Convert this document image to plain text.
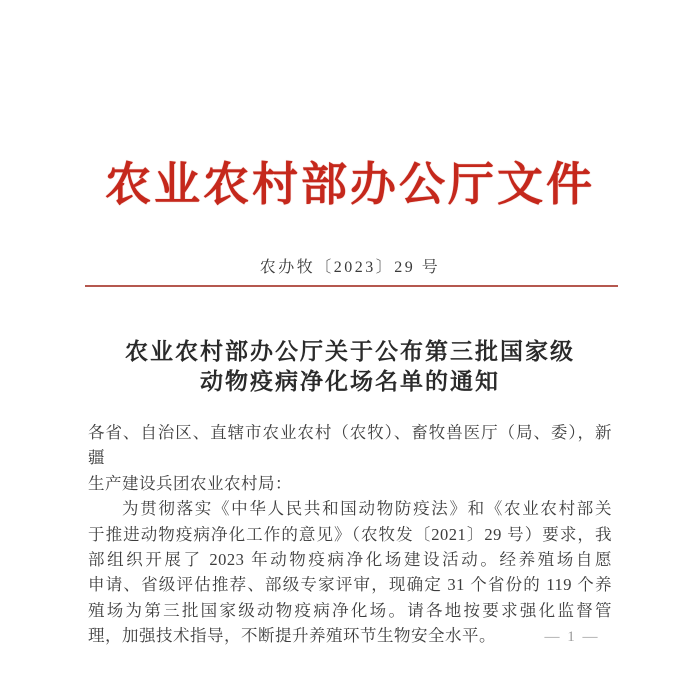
农业农村部办公厅文件
农办牧〔2023〕29 号
农业农村部办公厅关于公布第三批国家级
动物疫病净化场名单的通知
各省、自治区、直辖市农业农村（农牧）、畜牧兽医厅（局、委），新疆
生产建设兵团农业农村局：
为贯彻落实《中华人民共和国动物防疫法》和《农业农村部关
于推进动物疫病净化工作的意见》（农牧发〔2021〕29 号）要求，我
部组织开展了 2023 年动物疫病净化场建设活动。经养殖场自愿
申请、省级评估推荐、部级专家评审，现确定 31 个省份的 119 个养
殖场为第三批国家级动物疫病净化场。请各地按要求强化监督管
理，加强技术指导，不断提升养殖环节生物安全水平。	— 1 —
